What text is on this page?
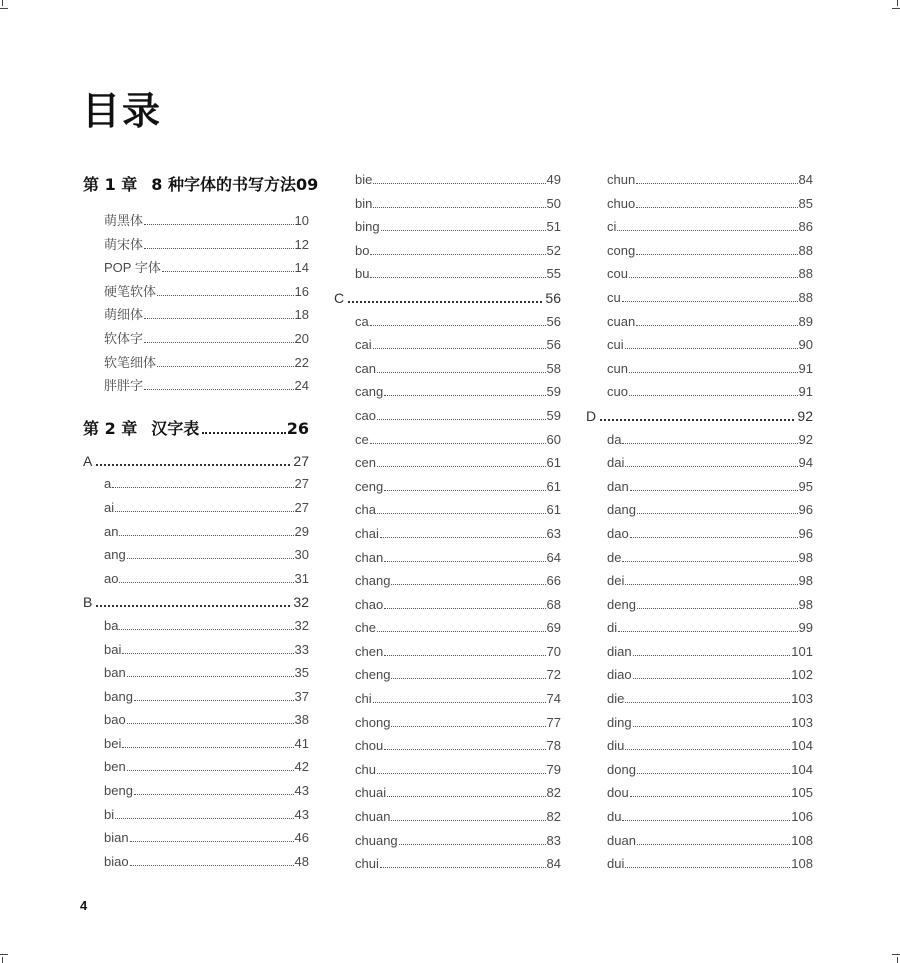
目录
第 1 章 8 种字体的书写方法09
萌黑体	10
萌宋体	12
POP 字体	14
硬笔软体	16
萌细体	18
软体字	20
软笔细体	22
胖胖字	24
第 2 章 汉字表	26
A	27
a	27
ai	27
an	29
ang	30
ao	31
B	32
ba	32
bai	33
ban	35
bang	37
bao	38
bei	41
ben	42
beng	43
bi	43
bian	46
biao	48
bie	49
bin	50
bing	51
bo	52
bu	55
C	56
ca	56
cai	56
can	58
cang	59
cao	59
ce	60
cen	61
ceng	61
cha	61
chai	63
chan	64
chang	66
chao	68
che	69
chen	70
cheng	72
chi	74
chong	77
chou	78
chu	79
chuai	82
chuan	82
chuang	83
chui	84
chun	84
chuo	85
ci	86
cong	88
cou	88
cu	88
cuan	89
cui	90
cun	91
cuo	91
D	92
da	92
dai	94
dan	95
dang	96
dao	96
de	98
dei	98
deng	98
di	99
dian	101
diao	102
die	103
ding	103
diu	104
dong	104
dou	105
du	106
duan	108
dui	108
4
